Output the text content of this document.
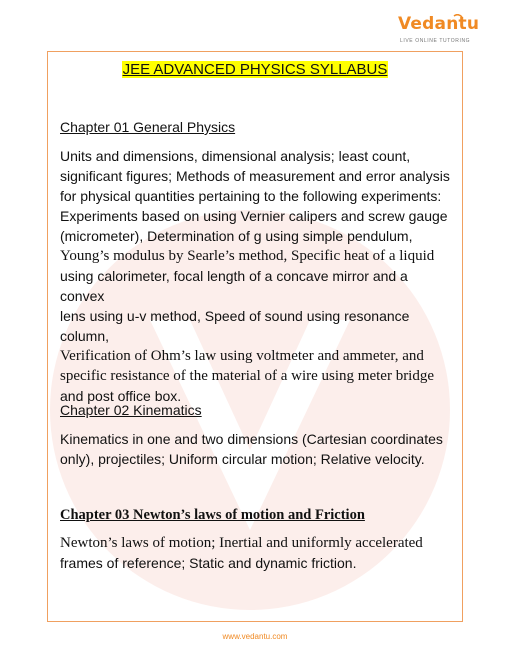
Vedantu
LIVE ONLINE TUTORING
JEE ADVANCED PHYSICS SYLLABUS
Chapter 01 General Physics
Units and dimensions, dimensional analysis; least count,
significant figures; Methods of measurement and error analysis
for physical quantities pertaining to the following experiments:
Experiments based on using Vernier calipers and screw gauge
(micrometer), Determination of g using simple pendulum,
Young’s modulus by Searle’s method, Specific heat of a liquid
using calorimeter, focal length of a concave mirror and a convex
lens using u-v method, Speed of sound using resonance column,
Verification of Ohm’s law using voltmeter and ammeter, and
specific resistance of the material of a wire using meter bridge
and post office box.
Chapter 02 Kinematics
Kinematics in one and two dimensions (Cartesian coordinates
only), projectiles; Uniform circular motion; Relative velocity.
Chapter 03 Newton’s laws of motion and Friction
Newton’s laws of motion; Inertial and uniformly accelerated
frames of reference; Static and dynamic friction.
www.vedantu.com
